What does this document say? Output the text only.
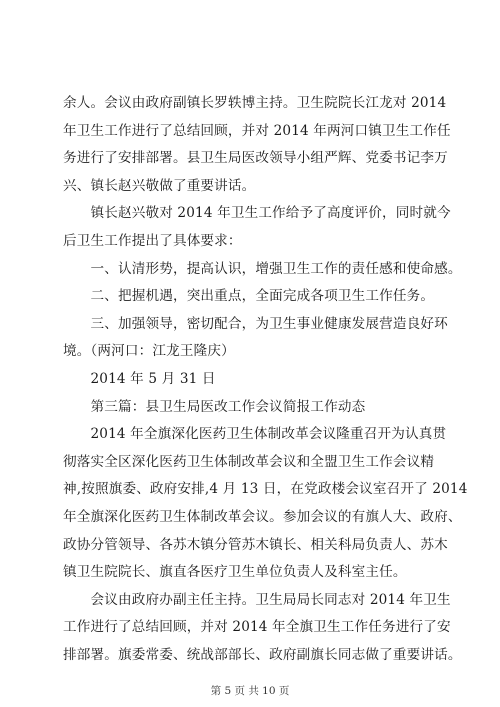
余人。会议由政府副镇长罗轶博主持。卫生院院长江龙对 2014
年卫生工作进行了总结回顾，并对 2014 年两河口镇卫生工作任
务进行了安排部署。县卫生局医改领导小组严辉、党委书记李万
兴、镇长赵兴敬做了重要讲话。
　　镇长赵兴敬对 2014 年卫生工作给予了高度评价，同时就今
后卫生工作提出了具体要求：
　　一、认清形势，提高认识，增强卫生工作的责任感和使命感。
　　二、把握机遇，突出重点，全面完成各项卫生工作任务。
　　三、加强领导，密切配合，为卫生事业健康发展营造良好环
境。（两河口：江龙王隆庆）
　　2014 年 5 月 31 日
　　第三篇：县卫生局医改工作会议简报工作动态
　　2014 年全旗深化医药卫生体制改革会议隆重召开为认真贯
彻落实全区深化医药卫生体制改革会议和全盟卫生工作会议精
神,按照旗委、政府安排,4 月 13 日，在党政楼会议室召开了 2014
年全旗深化医药卫生体制改革会议。参加会议的有旗人大、政府、
政协分管领导、各苏木镇分管苏木镇长、相关科局负责人、苏木
镇卫生院院长、旗直各医疗卫生单位负责人及科室主任。
　　会议由政府办副主任主持。卫生局局长同志对 2014 年卫生
工作进行了总结回顾，并对 2014 年全旗卫生工作任务进行了安
排部署。旗委常委、统战部部长、政府副旗长同志做了重要讲话。
第 5 页 共 10 页
